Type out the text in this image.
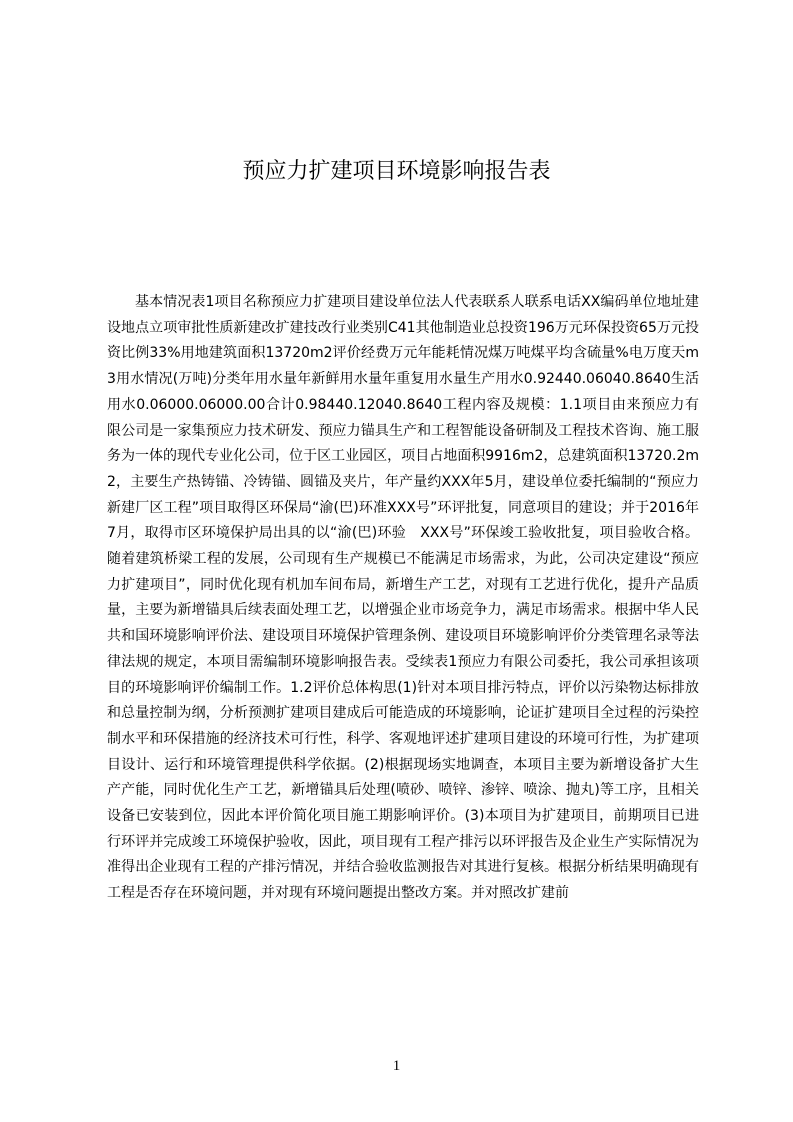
预应力扩建项目环境影响报告表

基本情况表1项目名称预应力扩建项目建设单位法人代表联系人联系电话XX编码单位地址建设地点立项审批性质新建改扩建技改行业类别C41其他制造业总投资196万元环保投资65万元投资比例33%用地建筑面积13720m2评价经费万元年能耗情况煤万吨煤平均含硫量%电万度天m3用水情况(万吨)分类年用水量年新鲜用水量年重复用水量生产用水0.92440.06040.8640生活用水0.06000.06000.00合计0.98440.12040.8640工程内容及规模：1.1项目由来预应力有限公司是一家集预应力技术研发、预应力锚具生产和工程智能设备研制及工程技术咨询、施工服务为一体的现代专业化公司，位于区工业园区，项目占地面积9916m2，总建筑面积13720.2m2，主要生产热铸锚、冷铸锚、圆锚及夹片，年产量约XXX年5月，建设单位委托编制的“预应力新建厂区工程”项目取得区环保局“渝(巴)环准XXX号”环评批复，同意项目的建设；并于2016年7月，取得市区环境保护局出具的以“渝(巴)环验　XXX号”环保竣工验收批复，项目验收合格。随着建筑桥梁工程的发展，公司现有生产规模已不能满足市场需求，为此，公司决定建设“预应力扩建项目”，同时优化现有机加车间布局，新增生产工艺，对现有工艺进行优化，提升产品质量，主要为新增锚具后续表面处理工艺，以增强企业市场竞争力，满足市场需求。根据中华人民共和国环境影响评价法、建设项目环境保护管理条例、建设项目环境影响评价分类管理名录等法律法规的规定，本项目需编制环境影响报告表。受续表1预应力有限公司委托，我公司承担该项目的环境影响评价编制工作。1.2评价总体构思(1)针对本项目排污特点，评价以污染物达标排放和总量控制为纲，分析预测扩建项目建成后可能造成的环境影响，论证扩建项目全过程的污染控制水平和环保措施的经济技术可行性，科学、客观地评述扩建项目建设的环境可行性，为扩建项目设计、运行和环境管理提供科学依据。(2)根据现场实地调查，本项目主要为新增设备扩大生产产能，同时优化生产工艺，新增锚具后处理(喷砂、喷锌、渗锌、喷涂、抛丸)等工序，且相关设备已安装到位，因此本评价简化项目施工期影响评价。(3)本项目为扩建项目，前期项目已进行环评并完成竣工环境保护验收，因此，项目现有工程产排污以环评报告及企业生产实际情况为准得出企业现有工程的产排污情况，并结合验收监测报告对其进行复核。根据分析结果明确现有工程是否存在环境问题，并对现有环境问题提出整改方案。并对照改扩建前

1
